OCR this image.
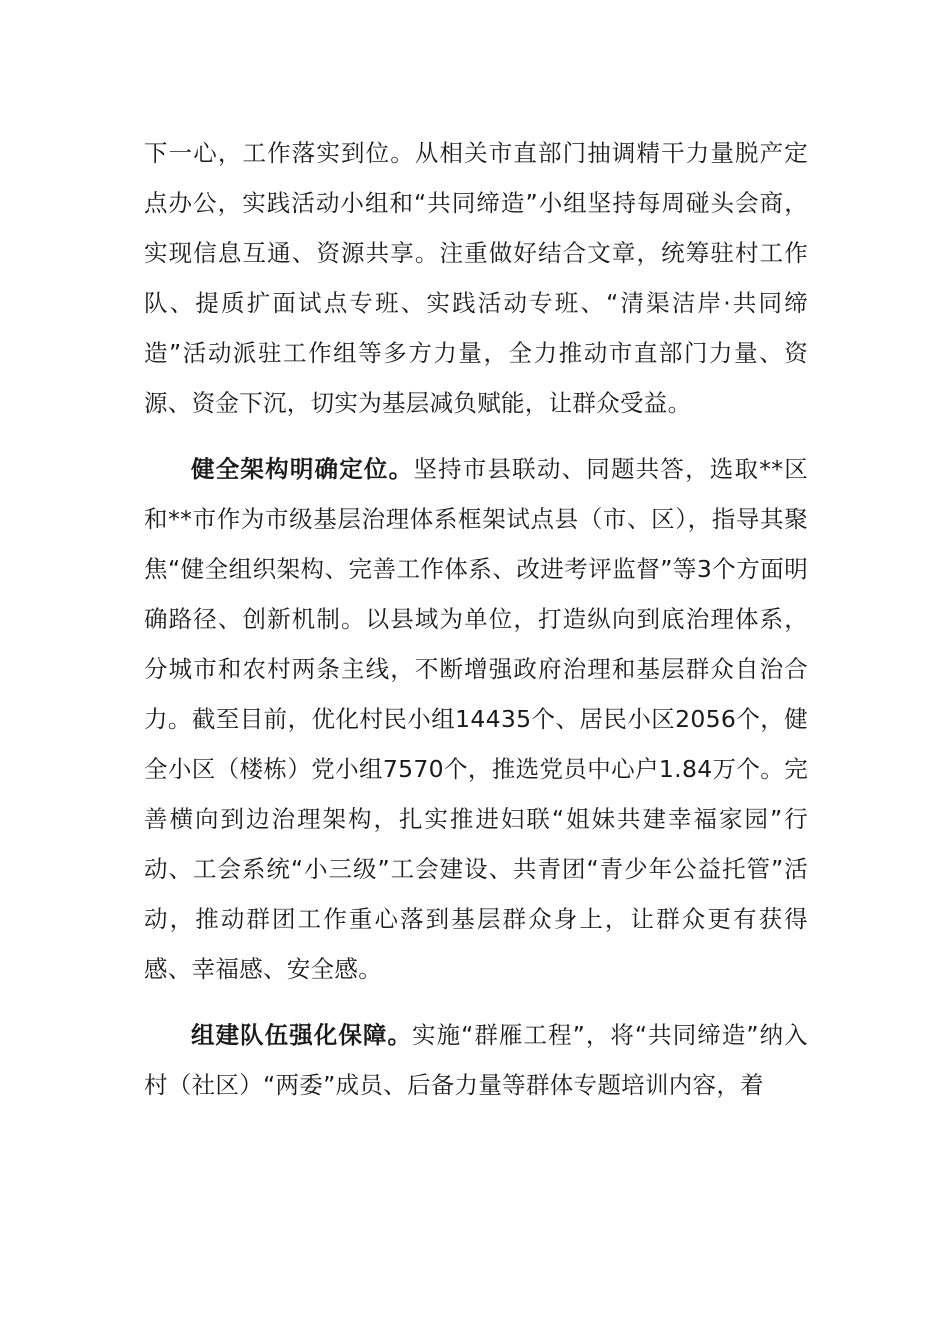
下一心，工作落实到位。从相关市直部门抽调精干力量脱产定点办公，实践活动小组和“共同缔造”小组坚持每周碰头会商，实现信息互通、资源共享。注重做好结合文章，统筹驻村工作队、提质扩面试点专班、实践活动专班、“清渠洁岸·共同缔造”活动派驻工作组等多方力量，全力推动市直部门力量、资源、资金下沉，切实为基层减负赋能，让群众受益。

健全架构明确定位。坚持市县联动、同题共答，选取**区和**市作为市级基层治理体系框架试点县（市、区），指导其聚焦“健全组织架构、完善工作体系、改进考评监督”等3个方面明确路径、创新机制。以县域为单位，打造纵向到底治理体系，分城市和农村两条主线，不断增强政府治理和基层群众自治合力。截至目前，优化村民小组14435个、居民小区2056个，健全小区（楼栋）党小组7570个，推选党员中心户1.84万个。完善横向到边治理架构，扎实推进妇联“姐妹共建幸福家园”行动、工会系统“小三级”工会建设、共青团“青少年公益托管”活动，推动群团工作重心落到基层群众身上，让群众更有获得感、幸福感、安全感。

组建队伍强化保障。实施“群雁工程”，将“共同缔造”纳入村（社区）“两委”成员、后备力量等群体专题培训内容，着
